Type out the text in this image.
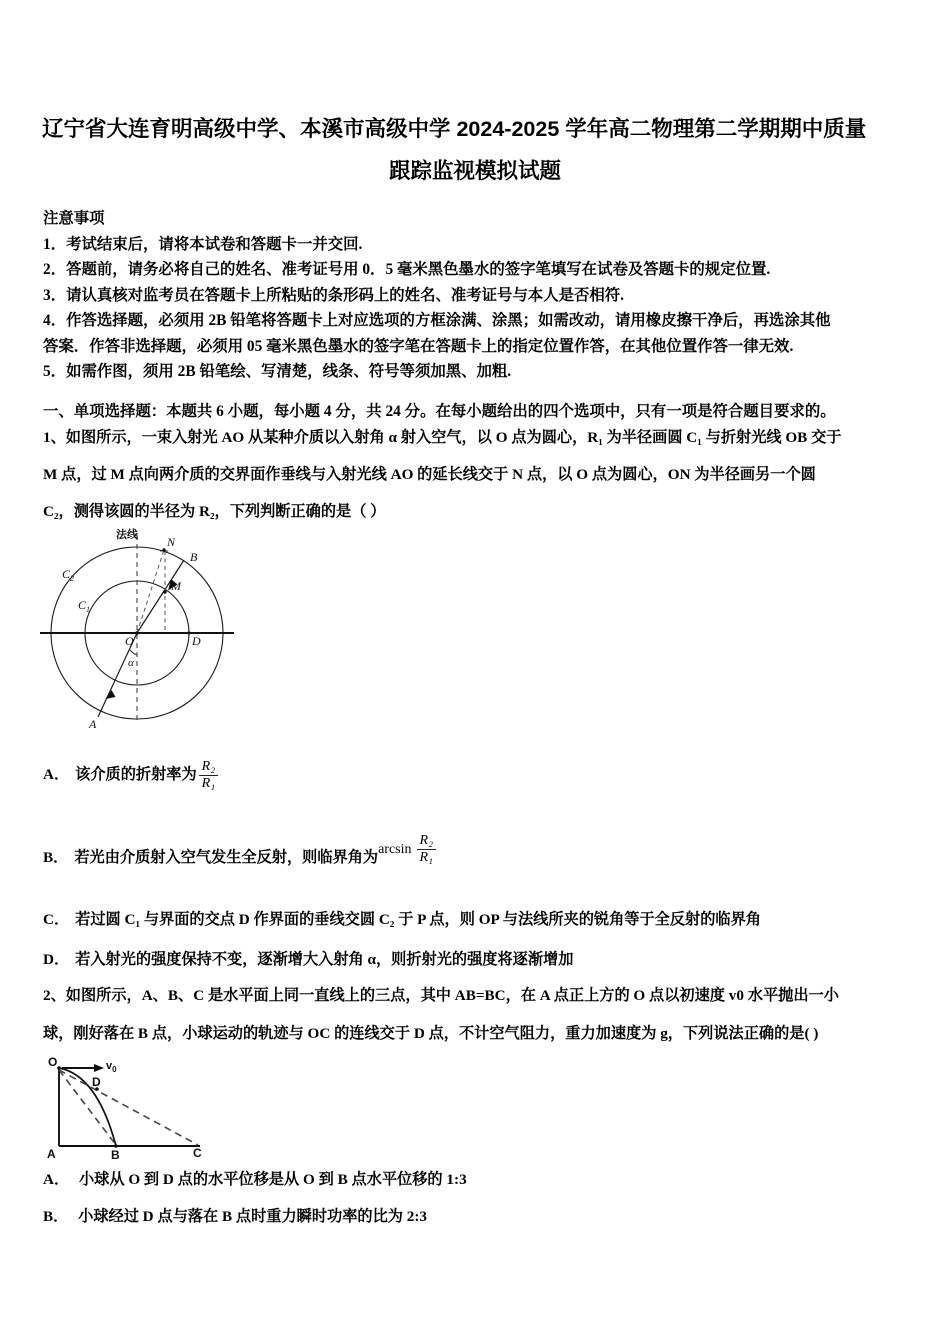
辽宁省大连育明高级中学、本溪市高级中学 2024-2025 学年高二物理第二学期期中质量
跟踪监视模拟试题
注意事项
1．考试结束后，请将本试卷和答题卡一并交回.
2．答题前，请务必将自己的姓名、准考证号用 0．5 毫米黑色墨水的签字笔填写在试卷及答题卡的规定位置.
3．请认真核对监考员在答题卡上所粘贴的条形码上的姓名、准考证号与本人是否相符.
4．作答选择题，必须用 2B 铅笔将答题卡上对应选项的方框涂满、涂黑；如需改动，请用橡皮擦干净后，再选涂其他
答案．作答非选择题，必须用 05 毫米黑色墨水的签字笔在答题卡上的指定位置作答，在其他位置作答一律无效.
5．如需作图，须用 2B 铅笔绘、写清楚，线条、符号等须加黑、加粗.
一、单项选择题：本题共 6 小题，每小题 4 分，共 24 分。在每小题给出的四个选项中，只有一项是符合题目要求的。
1、如图所示，一束入射光 AO 从某种介质以入射角 α 射入空气，以 O 点为圆心，R₁ 为半径画圆 C₁ 与折射光线 OB 交于
M 点，过 M 点向两介质的交界面作垂线与入射光线 AO 的延长线交于 N 点，以 O 点为圆心，ON 为半径画另一个圆
C₂，测得该圆的半径为 R₂，下列判断正确的是（ ）
法线 N
B
M
$C_2$
$C_1$
O	D
α
A
A ． 该介质的折射率为 $\frac{\text{R₂}}{\text{R₁}}$
B ． 若光由介质射入空气发生全反射，则临界角为 $\arcsin \frac{\text{R₂}}{\text{R₁}}$
C ． 若过圆 C₁ 与界面的交点 D 作界面的垂线交圆 C₂ 于 P 点，则 OP 与法线所夹的锐角等于全反射的临界角
D ． 若入射光的强度保持不变，逐渐增大入射角 α，则折射光的强度将逐渐增加
2、如图所示，A、B、C 是水平面上同一直线上的三点，其中 AB=BC，在 A 点正上方的 O 点以初速度 v0 水平抛出一小
球，刚好落在 B 点，小球运动的轨迹与 OC 的连线交于 D 点，不计空气阻力，重力加速度为 g，下列说法正确的是( )
O	$v_0$
D
A	B	C
A． 小球从 O 到 D 点的水平位移是从 O 到 B 点水平位移的 1:3
B． 小球经过 D 点与落在 B 点时重力瞬时功率的比为 2:3
